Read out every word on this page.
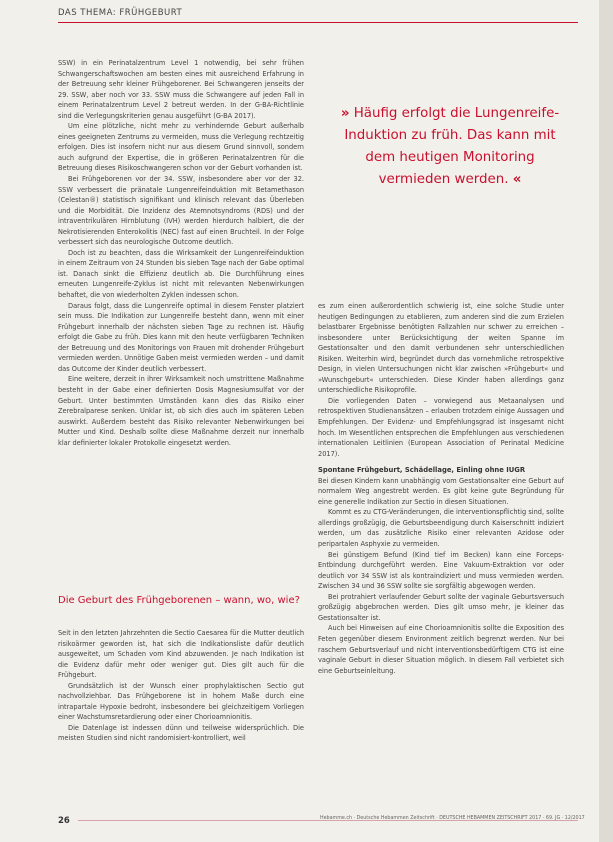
DAS THEMA: FRÜHGEBURT

SSW) in ein Perinatalzentrum Level 1 notwendig, bei sehr frühen Schwangerschaftswochen am besten eines mit ausreichend Erfahrung in der Betreuung sehr kleiner Frühgeborener. Bei Schwangeren jenseits der 29. SSW, aber noch vor 33. SSW muss die Schwangere auf jeden Fall in einem Perinatalzentrum Level 2 betreut werden. In der G-BA-Richtlinie sind die Verlegungskriterien genau ausgeführt (G-BA 2017).

Um eine plötzliche, nicht mehr zu verhindernde Geburt außerhalb eines geeigneten Zentrums zu vermeiden, muss die Verlegung rechtzeitig erfolgen. Dies ist insofern nicht nur aus diesem Grund sinnvoll, sondern auch aufgrund der Expertise, die in größeren Perinatalzentren für die Betreuung dieses Risikoschwangeren schon vor der Geburt vorhanden ist.

Bei Frühgeborenen vor der 34. SSW, insbesondere aber vor der 32. SSW verbessert die pränatale Lungenreifeinduktion mit Betamethason (Celestan®) statistisch signifikant und klinisch relevant das Überleben und die Morbidität. Die Inzidenz des Atemnotsyndroms (RDS) und der intraventrikulären Hirnblutung (IVH) werden hierdurch halbiert, die der Nekrotisierenden Enterokolitis (NEC) fast auf einen Bruchteil. In der Folge verbessert sich das neurologische Outcome deutlich.

Doch ist zu beachten, dass die Wirksamkeit der Lungenreifeinduktion in einem Zeitraum von 24 Stunden bis sieben Tage nach der Gabe optimal ist. Danach sinkt die Effizienz deutlich ab. Die Durchführung eines erneuten Lungenreife-Zyklus ist nicht mit relevanten Nebenwirkungen behaftet, die von wiederholten Zyklen indessen schon.

Daraus folgt, dass die Lungenreife optimal in diesem Fenster platziert sein muss. Die Indikation zur Lungenreife besteht dann, wenn mit einer Frühgeburt innerhalb der nächsten sieben Tage zu rechnen ist. Häufig erfolgt die Gabe zu früh. Dies kann mit den heute verfügbaren Techniken der Betreuung und des Monitorings von Frauen mit drohender Frühgeburt vermieden werden. Unnötige Gaben meist vermieden werden – und damit das Outcome der Kinder deutlich verbessert.

Eine weitere, derzeit in ihrer Wirksamkeit noch umstrittene Maßnahme besteht in der Gabe einer definierten Dosis Magnesiumsulfat vor der Geburt. Unter bestimmten Umständen kann dies das Risiko einer Zerebralparese senken. Unklar ist, ob sich dies auch im späteren Leben auswirkt. Außerdem besteht das Risiko relevanter Nebenwirkungen bei Mutter und Kind. Deshalb sollte diese Maßnahme derzeit nur innerhalb klar definierter lokaler Protokolle eingesetzt werden.

» Häufig erfolgt die Lungenreife-Induktion zu früh. Das kann mit dem heutigen Monitoring vermieden werden. «
Die Geburt des Frühgeborenen – wann, wo, wie?

Seit in den letzten Jahrzehnten die Sectio Caesarea für die Mutter deutlich risikoärmer geworden ist, hat sich die Indikationsliste dafür deutlich ausgeweitet, um Schaden vom Kind abzuwenden. Je nach Indikation ist die Evidenz dafür mehr oder weniger gut. Dies gilt auch für die Frühgeburt.

Grundsätzlich ist der Wunsch einer prophylaktischen Sectio gut nachvollziehbar. Das Frühgeborene ist in hohem Maße durch eine intrapartale Hypoxie bedroht, insbesondere bei gleichzeitigem Vorliegen einer Wachstumsretardierung oder einer Chorioamnionitis.

Die Datenlage ist indessen dünn und teilweise widersprüchlich. Die meisten Studien sind nicht randomisiert-kontrolliert, weil

es zum einen außerordentlich schwierig ist, eine solche Studie unter heutigen Bedingungen zu etablieren, zum anderen sind die zum Erzielen belastbarer Ergebnisse benötigten Fallzahlen nur schwer zu erreichen – insbesondere unter Berücksichtigung der weiten Spanne im Gestationsalter und den damit verbundenen sehr unterschiedlichen Risiken. Weiterhin wird, begründet durch das vornehmliche retrospektive Design, in vielen Untersuchungen nicht klar zwischen »Frühgeburt« und »Wunschgeburt« unterschieden. Diese Kinder haben allerdings ganz unterschiedliche Risikoprofile.

Die vorliegenden Daten – vorwiegend aus Metaanalysen und retrospektiven Studienansätzen – erlauben trotzdem einige Aussagen und Empfehlungen. Der Evidenz- und Empfehlungsgrad ist insgesamt nicht hoch. Im Wesentlichen entsprechen die Empfehlungen aus verschiedenen internationalen Leitlinien (European Association of Perinatal Medicine 2017).

Spontane Frühgeburt, Schädellage, Einling ohne IUGR

Bei diesen Kindern kann unabhängig vom Gestationsalter eine Geburt auf normalem Weg angestrebt werden. Es gibt keine gute Begründung für eine generelle Indikation zur Sectio in diesen Situationen.

Kommt es zu CTG-Veränderungen, die interventionspflichtig sind, sollte allerdings großzügig, die Geburtsbeendigung durch Kaiserschnitt indiziert werden, um das zusätzliche Risiko einer relevanten Azidose oder peripartalen Asphyxie zu vermeiden.

Bei günstigem Befund (Kind tief im Becken) kann eine Forceps-Entbindung durchgeführt werden. Eine Vakuum-Extraktion vor oder deutlich vor 34 SSW ist als kontraindiziert und muss vermieden werden. Zwischen 34 und 36 SSW sollte sie sorgfältig abgewogen werden.

Bei protrahiert verlaufender Geburt sollte der vaginale Geburtsversuch großzügig abgebrochen werden. Dies gilt umso mehr, je kleiner das Gestationsalter ist.

Auch bei Hinweisen auf eine Chorioamnionitis sollte die Exposition des Feten gegenüber diesem Environment zeitlich begrenzt werden. Nur bei raschem Geburtsverlauf und nicht interventionsbedürftigem CTG ist eine vaginale Geburt in dieser Situation möglich. In diesem Fall verbietet sich eine Geburtseinleitung.

26	Hebamme.ch · Deutsche Hebammen Zeitschrift · DEUTSCHE HEBAMMEN ZEITSCHRIFT 2017 · 69. JG · 12/2017
